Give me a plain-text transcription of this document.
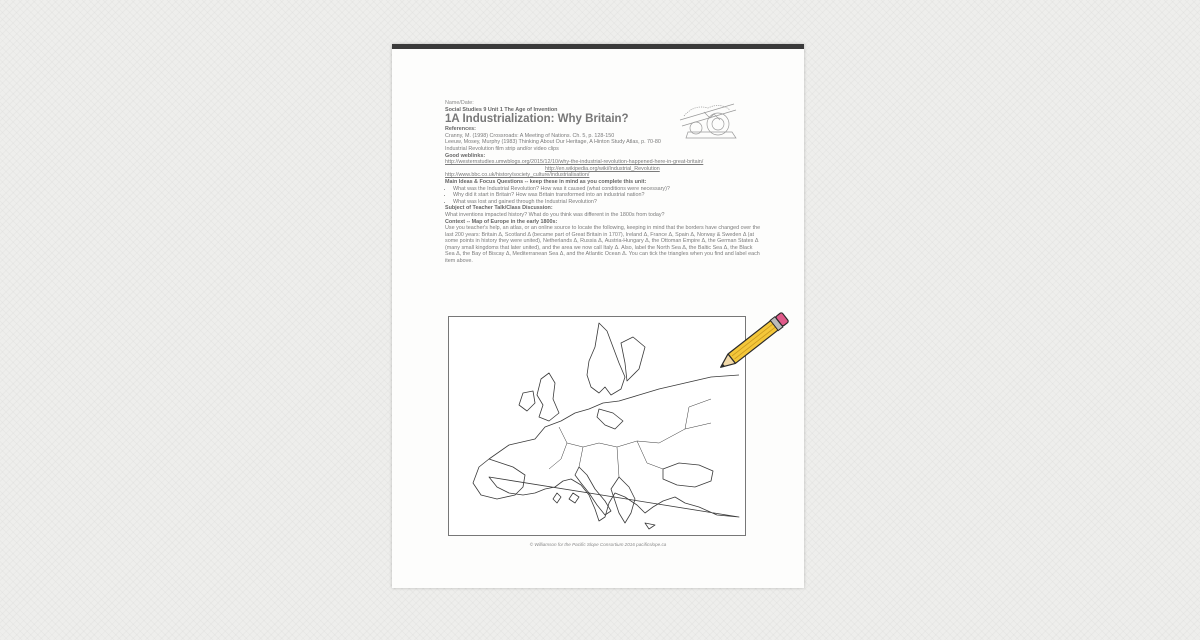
Name/Date:

Social Studies 9 Unit 1 The Age of Invention

1A Industrialization: Why Britain?

References:

Cranny, M. (1998) Crossroads: A Meeting of Nations. Ch. 5, p. 128-150

Leeuw, Mosey, Murphy (1983) Thinking About Our Heritage, A Hinton Study Atlas, p. 70-80

Industrial Revolution film strip and/or video clips

Good weblinks:

http://westernstudies.umwblogs.org/2015/12/10/why-the-industrial-revolution-happened-here-in-great-britain/

http://en.wikipedia.org/wiki/Industrial_Revolution

http://www.bbc.co.uk/history/society_culture/industrialisation/

Main Ideas & Focus Questions -- keep these in mind as you complete this unit:

• What was the Industrial Revolution? How was it caused (what conditions were necessary)?
• Why did it start in Britain? How was Britain transformed into an industrial nation?
• What was lost and gained through the Industrial Revolution?

Subject of Teacher Talk/Class Discussion:

What inventions impacted history? What do you think was different in the 1800s from today?

Context -- Map of Europe in the early 1800s:

Use you teacher's help, an atlas, or an online source to locate the following, keeping in mind that the borders have changed over the last 200 years: Britain Δ, Scotland Δ (became part of Great Britain in 1707), Ireland Δ, France Δ, Spain Δ, Norway & Sweden Δ (at some points in history they were united), Netherlands Δ, Russia Δ, Austria-Hungary Δ, the Ottoman Empire Δ, the German States Δ (many small kingdoms that later united), and the area we now call Italy Δ. Also, label the North Sea Δ, the Baltic Sea Δ, the Black Sea Δ, the Bay of Biscay Δ, Mediterranean Sea Δ, and the Atlantic Ocean Δ. You can tick the triangles when you find and label each item above.

© Williamson for the Pacific Slope Consortium 2016 pacificslope.ca
